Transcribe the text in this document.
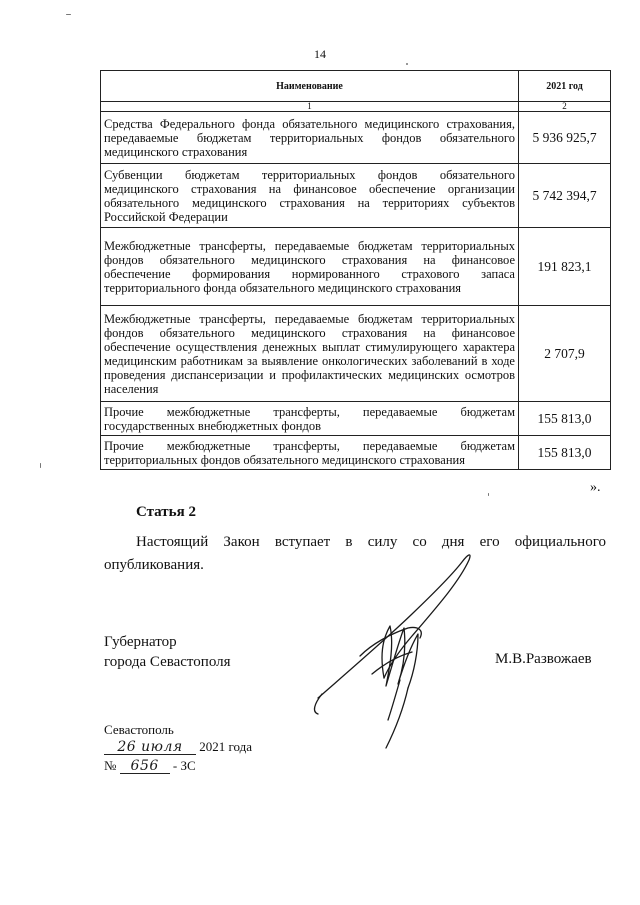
14
Наименование	2021 год
1	2
Средства Федерального фонда обязательного медицинского страхования, передаваемые бюджетам территориальных фондов обязательного медицинского страхования	5 936 925,7
Субвенции бюджетам территориальных фондов обязательного медицинского страхования на финансовое обеспечение организации обязательного медицинского страхования на территориях субъектов Российской Федерации	5 742 394,7
Межбюджетные трансферты, передаваемые бюджетам территориальных фондов обязательного медицинского страхования на финансовое обеспечение формирования нормированного страхового запаса территориального фонда обязательного медицинского страхования	191 823,1
Межбюджетные трансферты, передаваемые бюджетам территориальных фондов обязательного медицинского страхования на финансовое обеспечение осуществления денежных выплат стимулирующего характера медицинским работникам за выявление онкологических заболеваний в ходе проведения диспансеризации и профилактических медицинских осмотров населения	2 707,9
Прочие межбюджетные трансферты, передаваемые бюджетам государственных внебюджетных фондов	155 813,0
Прочие межбюджетные трансферты, передаваемые бюджетам территориальных фондов обязательного медицинского страхования	155 813,0
».
Статья 2
Настоящий Закон вступает в силу со дня его официального опубликования.
Губернатор
города Севастополя	М.В.Развожаев
Севастополь
26 июля 2021 года
№ 656 - ЗС
